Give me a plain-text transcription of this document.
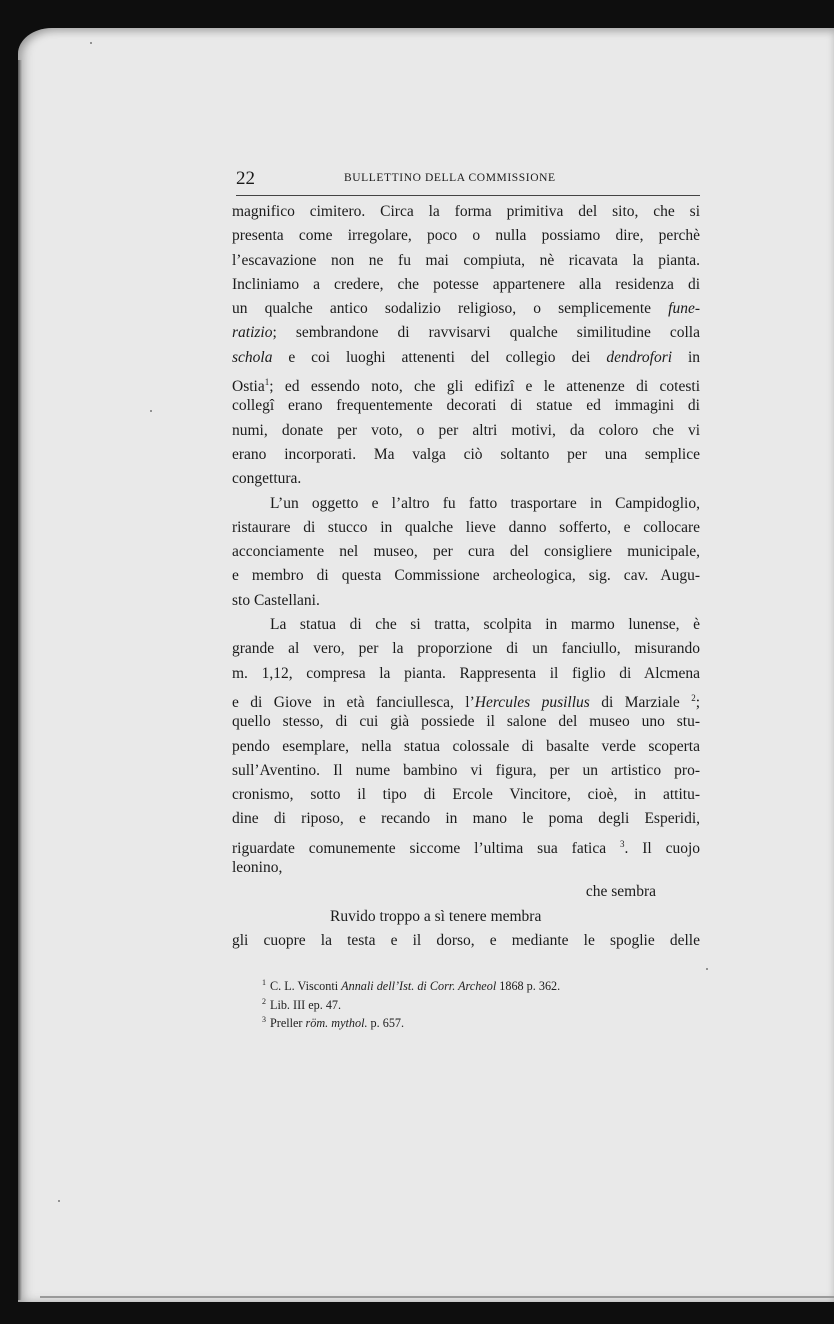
22	BULLETTINO DELLA COMMISSIONE
magnifico cimitero. Circa la forma primitiva del sito, che si
presenta come irregolare, poco o nulla possiamo dire, perchè
l’escavazione non ne fu mai compiuta, nè ricavata la pianta.
Incliniamo a credere, che potesse appartenere alla residenza di
un qualche antico sodalizio religioso, o semplicemente fune-
ratizio; sembrandone di ravvisarvi qualche similitudine colla
schola e coi luoghi attenenti del collegio dei dendrofori in
Ostia$^1$; ed essendo noto, che gli edifizî e le attenenze di cotesti
collegî erano frequentemente decorati di statue ed immagini di
numi, donate per voto, o per altri motivi, da coloro che vi
erano incorporati. Ma valga ciò soltanto per una semplice
congettura.
L’un oggetto e l’altro fu fatto trasportare in Campidoglio,
ristaurare di stucco in qualche lieve danno sofferto, e collocare
acconciamente nel museo, per cura del consigliere municipale,
e membro di questa Commissione archeologica, sig. cav. Augu-
sto Castellani.
La statua di che si tratta, scolpita in marmo lunense, è
grande al vero, per la proporzione di un fanciullo, misurando
m. 1,12, compresa la pianta. Rappresenta il figlio di Alcmena
e di Giove in età fanciullesca, l’Hercules pusillus di Marziale $^2$;
quello stesso, di cui già possiede il salone del museo uno stu-
pendo esemplare, nella statua colossale di basalte verde scoperta
sull’Aventino. Il nume bambino vi figura, per un artistico pro-
cronismo, sotto il tipo di Ercole Vincitore, cioè, in attitu-
dine di riposo, e recando in mano le poma degli Esperidi,
riguardate comunemente siccome l’ultima sua fatica $^3$. Il cuojo
leonino,
che sembra
Ruvido troppo a sì tenere membra
gli cuopre la testa e il dorso, e mediante le spoglie delle
$^1$ C. L. Visconti Annali dell’Ist. di Corr. Archeol 1868 p. 362.
$^2$ Lib. III ep. 47.
$^3$ Preller röm. mythol. p. 657.
